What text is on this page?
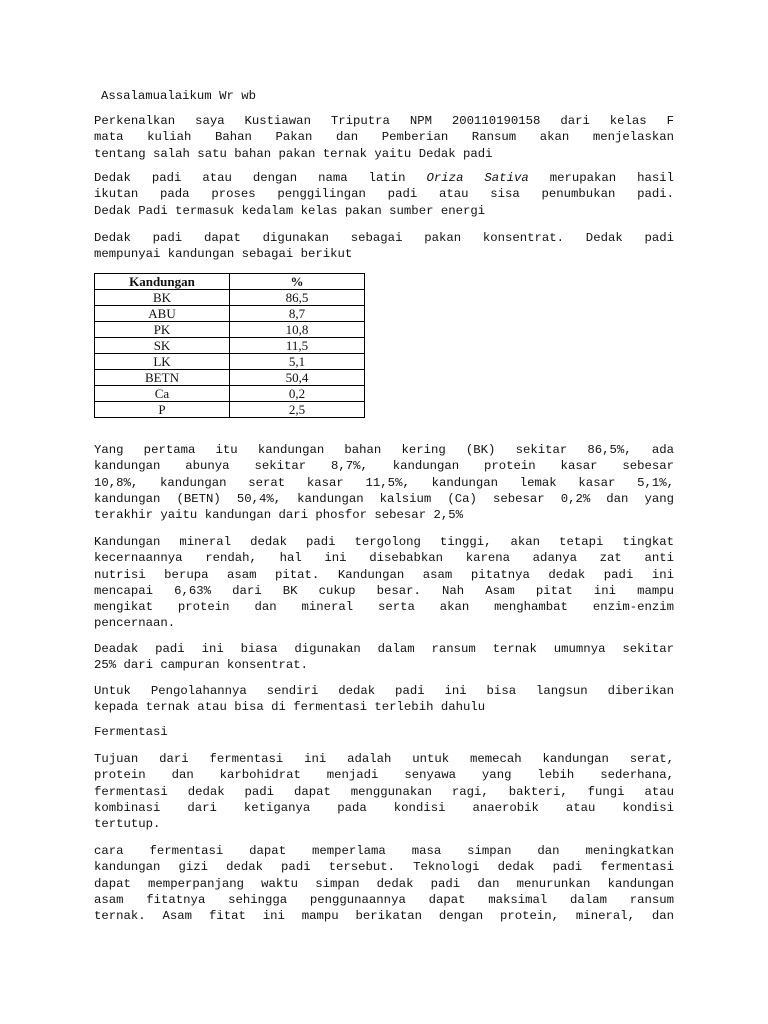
Assalamualaikum Wr wb

Perkenalkan saya Kustiawan Triputra NPM 200110190158 dari kelas F
mata kuliah Bahan Pakan dan Pemberian Ransum akan menjelaskan
tentang salah satu bahan pakan ternak yaitu Dedak padi

Dedak padi atau dengan nama latin Oriza Sativa merupakan hasil
ikutan pada proses penggilingan padi atau sisa penumbukan padi.
Dedak Padi termasuk kedalam kelas pakan sumber energi

Dedak padi dapat digunakan sebagai pakan konsentrat. Dedak padi
mempunyai kandungan sebagai berikut

Kandungan	%
BK	86,5
ABU	8,7
PK	10,8
SK	11,5
LK	5,1
BETN	50,4
Ca	0,2
P	2,5

Yang pertama itu kandungan bahan kering (BK) sekitar 86,5%, ada
kandungan abunya sekitar 8,7%, kandungan protein kasar sebesar
10,8%, kandungan serat kasar 11,5%, kandungan lemak kasar 5,1%,
kandungan (BETN) 50,4%, kandungan kalsium (Ca) sebesar 0,2% dan yang
terakhir yaitu kandungan dari phosfor sebesar 2,5%

Kandungan mineral dedak padi tergolong tinggi, akan tetapi tingkat
kecernaannya rendah, hal ini disebabkan karena adanya zat anti
nutrisi berupa asam pitat. Kandungan asam pitatnya dedak padi ini
mencapai 6,63% dari BK cukup besar. Nah Asam pitat ini mampu
mengikat protein dan mineral serta akan menghambat enzim-enzim
pencernaan.

Deadak padi ini biasa digunakan dalam ransum ternak umumnya sekitar
25% dari campuran konsentrat.

Untuk Pengolahannya sendiri dedak padi ini bisa langsun diberikan
kepada ternak atau bisa di fermentasi terlebih dahulu

Fermentasi

Tujuan dari fermentasi ini adalah untuk memecah kandungan serat,
protein dan karbohidrat menjadi senyawa yang lebih sederhana,
fermentasi dedak padi dapat menggunakan ragi, bakteri, fungi atau
kombinasi dari ketiganya pada kondisi anaerobik atau kondisi
tertutup.

cara fermentasi dapat memperlama masa simpan dan meningkatkan
kandungan gizi dedak padi tersebut. Teknologi dedak padi fermentasi
dapat memperpanjang waktu simpan dedak padi dan menurunkan kandungan
asam fitatnya sehingga penggunaannya dapat maksimal dalam ransum
ternak. Asam fitat ini mampu berikatan dengan protein, mineral, dan
